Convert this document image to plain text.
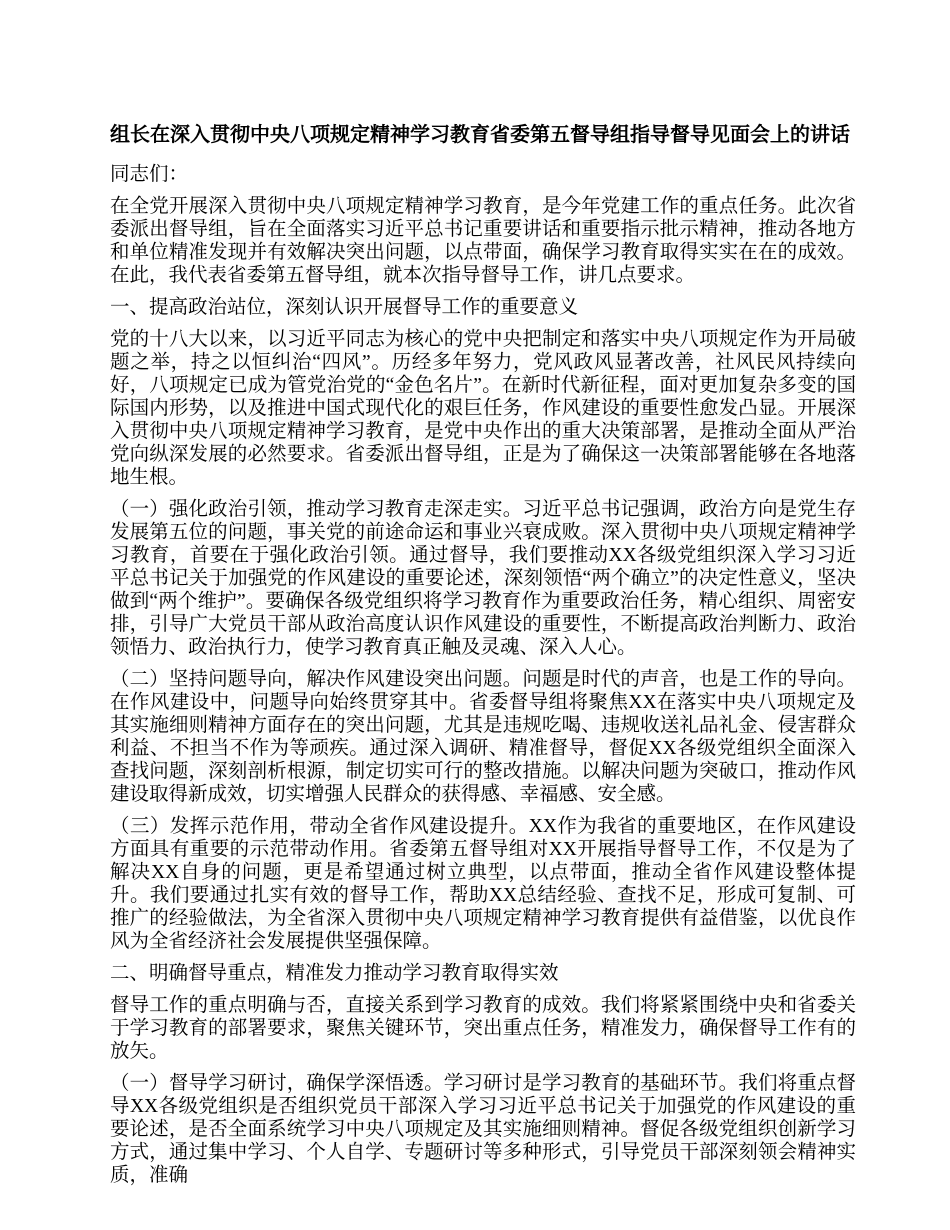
组长在深入贯彻中央八项规定精神学习教育省委第五督导组指导督导见面会上的讲话
同志们：
在全党开展深入贯彻中央八项规定精神学习教育，是今年党建工作的重点任务。此次省委派出督导组，旨在全面落实习近平总书记重要讲话和重要指示批示精神，推动各地方和单位精准发现并有效解决突出问题，以点带面，确保学习教育取得实实在在的成效。在此，我代表省委第五督导组，就本次指导督导工作，讲几点要求。
一、提高政治站位，深刻认识开展督导工作的重要意义
党的十八大以来，以习近平同志为核心的党中央把制定和落实中央八项规定作为开局破题之举，持之以恒纠治“四风”。历经多年努力，党风政风显著改善，社风民风持续向好，八项规定已成为管党治党的“金色名片”。在新时代新征程，面对更加复杂多变的国际国内形势，以及推进中国式现代化的艰巨任务，作风建设的重要性愈发凸显。开展深入贯彻中央八项规定精神学习教育，是党中央作出的重大决策部署，是推动全面从严治党向纵深发展的必然要求。省委派出督导组，正是为了确保这一决策部署能够在各地落地生根。
（一）强化政治引领，推动学习教育走深走实。习近平总书记强调，政治方向是党生存发展第五位的问题，事关党的前途命运和事业兴衰成败。深入贯彻中央八项规定精神学习教育，首要在于强化政治引领。通过督导，我们要推动XX各级党组织深入学习习近平总书记关于加强党的作风建设的重要论述，深刻领悟“两个确立”的决定性意义，坚决做到“两个维护”。要确保各级党组织将学习教育作为重要政治任务，精心组织、周密安排，引导广大党员干部从政治高度认识作风建设的重要性，不断提高政治判断力、政治领悟力、政治执行力，使学习教育真正触及灵魂、深入人心。
（二）坚持问题导向，解决作风建设突出问题。问题是时代的声音，也是工作的导向。在作风建设中，问题导向始终贯穿其中。省委督导组将聚焦XX在落实中央八项规定及其实施细则精神方面存在的突出问题，尤其是违规吃喝、违规收送礼品礼金、侵害群众利益、不担当不作为等顽疾。通过深入调研、精准督导，督促XX各级党组织全面深入查找问题，深刻剖析根源，制定切实可行的整改措施。以解决问题为突破口，推动作风建设取得新成效，切实增强人民群众的获得感、幸福感、安全感。
（三）发挥示范作用，带动全省作风建设提升。XX作为我省的重要地区，在作风建设方面具有重要的示范带动作用。省委第五督导组对XX开展指导督导工作，不仅是为了解决XX自身的问题，更是希望通过树立典型，以点带面，推动全省作风建设整体提升。我们要通过扎实有效的督导工作，帮助XX总结经验、查找不足，形成可复制、可推广的经验做法，为全省深入贯彻中央八项规定精神学习教育提供有益借鉴，以优良作风为全省经济社会发展提供坚强保障。
二、明确督导重点，精准发力推动学习教育取得实效
督导工作的重点明确与否，直接关系到学习教育的成效。我们将紧紧围绕中央和省委关于学习教育的部署要求，聚焦关键环节，突出重点任务，精准发力，确保督导工作有的放矢。
（一）督导学习研讨，确保学深悟透。学习研讨是学习教育的基础环节。我们将重点督导XX各级党组织是否组织党员干部深入学习习近平总书记关于加强党的作风建设的重要论述，是否全面系统学习中央八项规定及其实施细则精神。督促各级党组织创新学习方式，通过集中学习、个人自学、专题研讨等多种形式，引导党员干部深刻领会精神实质，准确
